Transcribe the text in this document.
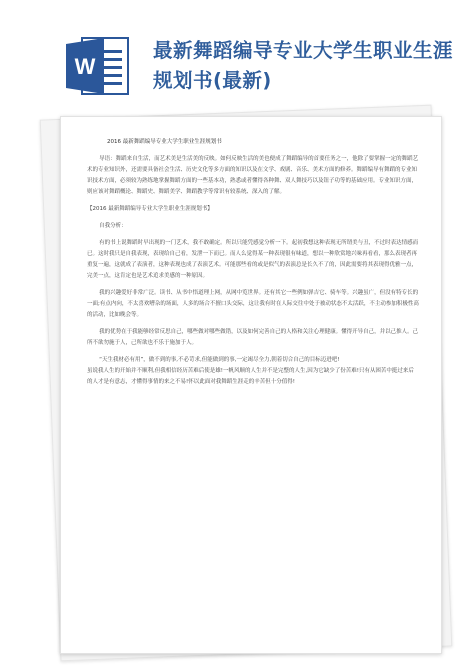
W
最新舞蹈编导专业大学生职业生涯规划书(最新)

2016 最新舞蹈编导专业大学生职业生涯规划书

导语：舞蹈来自生活，而艺术美是生活美的反映。如何反映生活的美也便成了舞蹈编导的首要任务之一，他除了要掌握一定的舞蹈艺术的专业知识外，还需要具备社会生活、历史文化等多方面的知识以及在文学、戏剧、音乐、美术方面的修养。舞蹈编导有舞蹈的专业知识技术方面，必须较为熟练地掌握舞蹈方面的一些基本功，熟悉或者懂得各种舞、双人舞技巧以及钮子功等的基础应用。专业知识方面，则应该对舞蹈概论、舞蹈史、舞蹈美学、舞蹈教学等常识有较系统、深入的了解。

【2016 最新舞蹈编导专业大学生职业生涯规划书】

自我分析：

有的书上说舞蹈时早出现的一门艺术，我不敢确定。所以只能凭感觉分析一下。起初我想这种表现无所谓美与丑，不过时表达情感而已。这时我只是自我表现，表现给自己看，发泄一下而已。而人么觉得某一种表现很有味道，想以一种欣赏地兴味再看看，那么表现者再重复一遍，这就成了表演者，这种表现也成了表演艺术。可能那些看的或是似气的表演总是长久不了的，因此需要将其表现得优雅一点，完美一点，这肯定也是艺术追求美感的一种原因。

我的兴趣爱好非常广泛。读书、从书中悟道理上网，从网中览世界。还有其它一些例如弹吉它、骑车等。兴趣虽广，但没有特专长的一面;有点内向，不太喜欢嘈杂的场面，人多的场合不擅口头交际，这让我有时在人际交往中处于被动状态不太活跃，不主动参加积极性高的活动，比如晚会等。

我的优势在于我能够经常反思自己，哪些做对哪些做错，以及如何完善自己的人格和关注心理健康。懂得开导自己，并以己推人。己所不欲勿施于人，己所欲也不乐于施加于人。

“天生我材必有用”，做不到的事,不必苛求,但能做到的事,一定竭尽全力,朝着切合自己的目标迈进吧!

虽说我人生的开始并不顺利,但我相信经历苦难后使是雄!一帆风顺的人生并不是完整的人生,因为它缺少了份苦难!只有从困苦中挺过来后的人才是有意志，才懂得事情的来之不易!怀以此面对我舞蹈生涯走的辛苦但十分值得!
